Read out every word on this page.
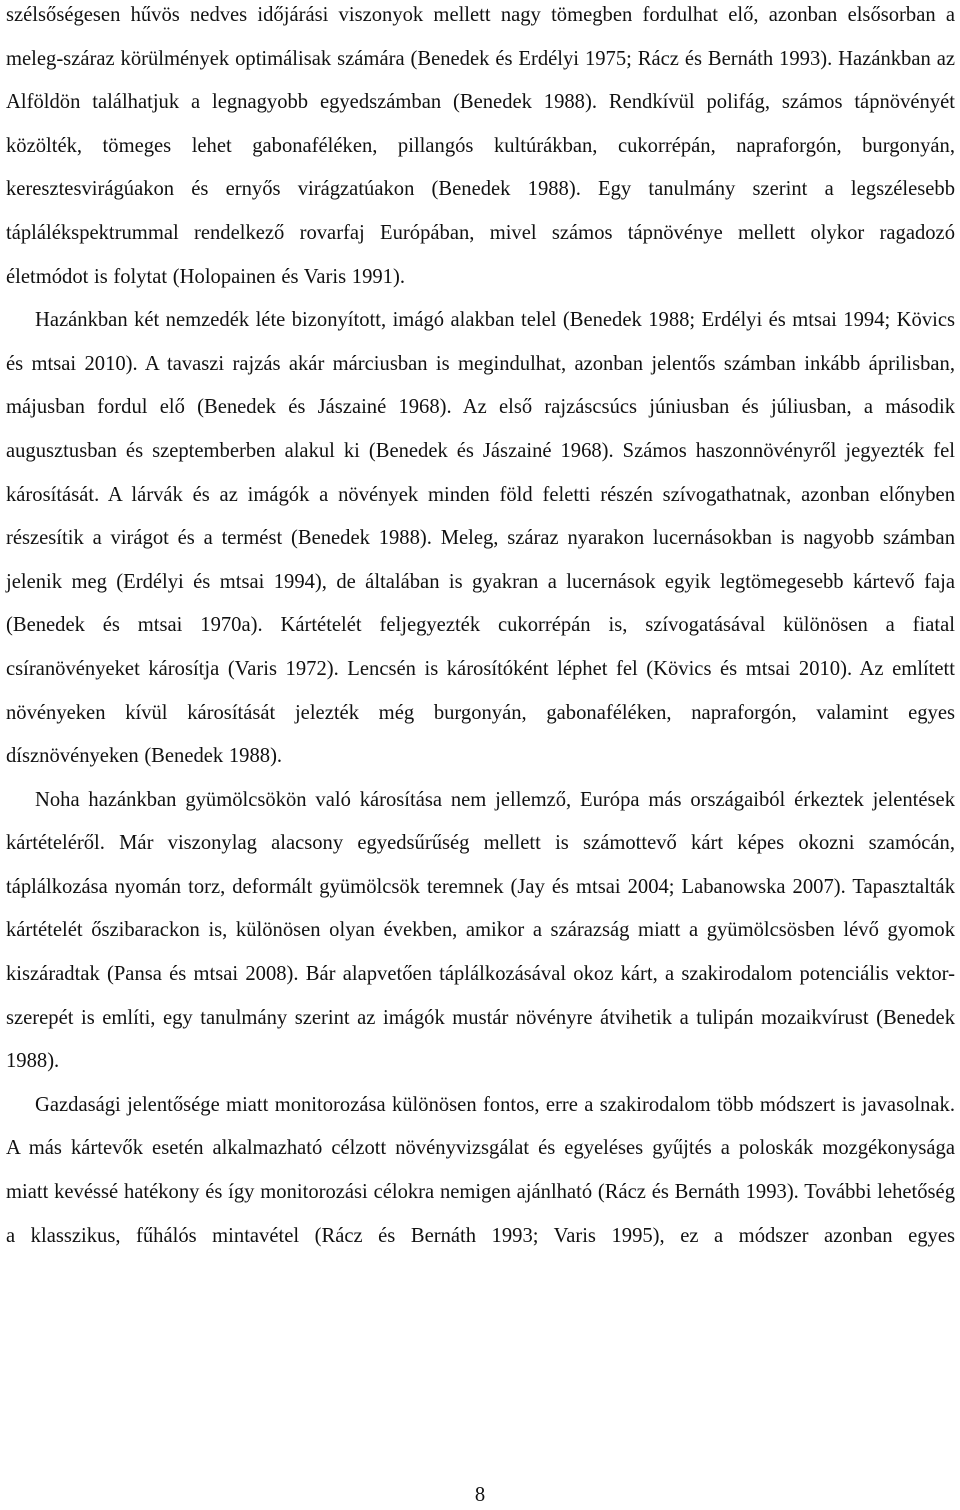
szélsőségesen hűvös nedves időjárási viszonyok mellett nagy tömegben fordulhat elő, azonban elsősorban a meleg-száraz körülmények optimálisak számára (Benedek és Erdélyi 1975; Rácz és Bernáth 1993). Hazánkban az Alföldön találhatjuk a legnagyobb egyedszámban (Benedek 1988). Rendkívül polifág, számos tápnövényét közölték, tömeges lehet gabonaféléken, pillangós kultúrákban, cukorrépán, napraforgón, burgonyán, keresztesvirágúakon és ernyős virágzatúakon (Benedek 1988). Egy tanulmány szerint a legszélesebb táplálékspektrummal rendelkező rovarfaj Európában, mivel számos tápnövénye mellett olykor ragadozó életmódot is folytat (Holopainen és Varis 1991).

Hazánkban két nemzedék léte bizonyított, imágó alakban telel (Benedek 1988; Erdélyi és mtsai 1994; Kövics és mtsai 2010). A tavaszi rajzás akár márciusban is megindulhat, azonban jelentős számban inkább áprilisban, májusban fordul elő (Benedek és Jászainé 1968). Az első rajzáscsúcs júniusban és júliusban, a második augusztusban és szeptemberben alakul ki (Benedek és Jászainé 1968). Számos haszonnövényről jegyezték fel károsítását. A lárvák és az imágók a növények minden föld feletti részén szívogathatnak, azonban előnyben részesítik a virágot és a termést (Benedek 1988). Meleg, száraz nyarakon lucernásokban is nagyobb számban jelenik meg (Erdélyi és mtsai 1994), de általában is gyakran a lucernások egyik legtömegesebb kártevő faja (Benedek és mtsai 1970a). Kártételét feljegyezték cukorrépán is, szívogatásával különösen a fiatal csíranövényeket károsítja (Varis 1972). Lencsén is károsítóként léphet fel (Kövics és mtsai 2010). Az említett növényeken kívül károsítását jelezték még burgonyán, gabonaféléken, napraforgón, valamint egyes dísznövényeken (Benedek 1988).

Noha hazánkban gyümölcsökön való károsítása nem jellemző, Európa más országaiból érkeztek jelentések kártételéről. Már viszonylag alacsony egyedsűrűség mellett is számottevő kárt képes okozni szamócán, táplálkozása nyomán torz, deformált gyümölcsök teremnek (Jay és mtsai 2004; Labanowska 2007). Tapasztalták kártételét őszibarackon is, különösen olyan években, amikor a szárazság miatt a gyümölcsösben lévő gyomok kiszáradtak (Pansa és mtsai 2008). Bár alapvetően táplálkozásával okoz kárt, a szakirodalom potenciális vektor-szerepét is említi, egy tanulmány szerint az imágók mustár növényre átvihetik a tulipán mozaikvírust (Benedek 1988).

Gazdasági jelentősége miatt monitorozása különösen fontos, erre a szakirodalom több módszert is javasolnak. A más kártevők esetén alkalmazható célzott növényvizsgálat és egyeléses gyűjtés a poloskák mozgékonysága miatt kevéssé hatékony és így monitorozási célokra nemigen ajánlható (Rácz és Bernáth 1993). További lehetőség a klasszikus, fűhálós mintavétel (Rácz és Bernáth 1993; Varis 1995), ez a módszer azonban egyes

8
